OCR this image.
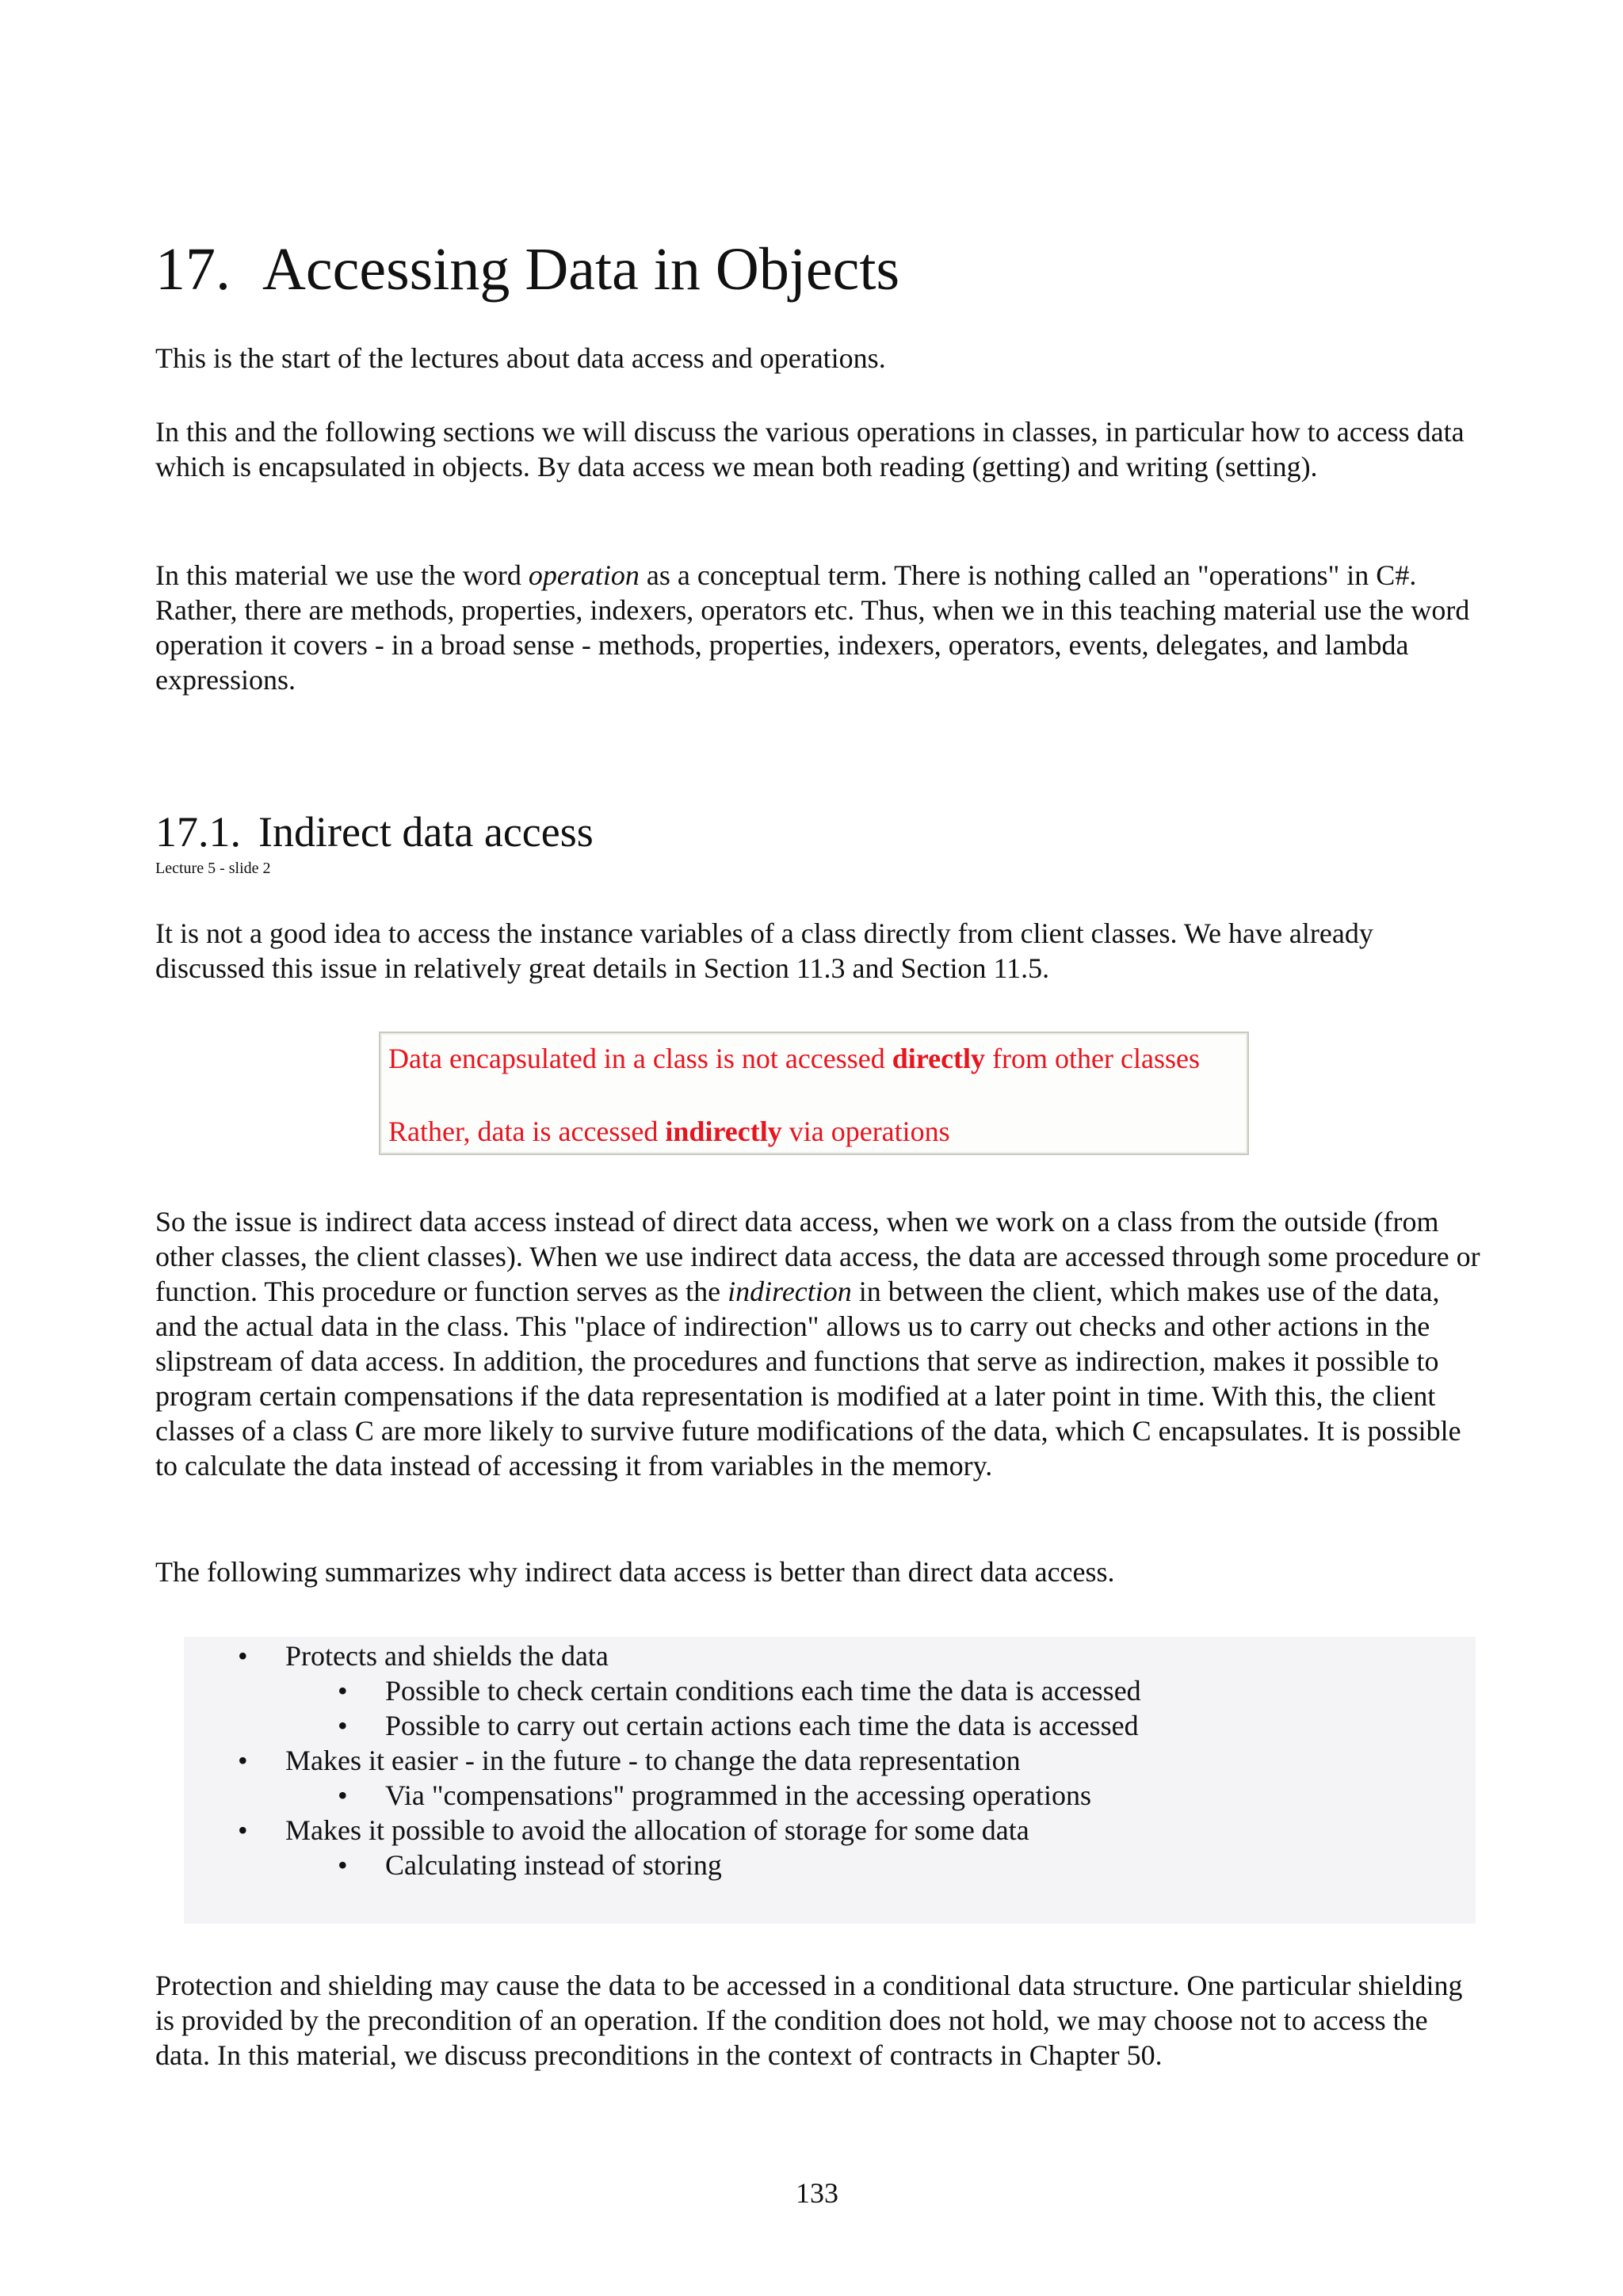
17. Accessing Data in Objects

This is the start of the lectures about data access and operations.

In this and the following sections we will discuss the various operations in classes, in particular how to access data which is encapsulated in objects. By data access we mean both reading (getting) and writing (setting).

In this material we use the word operation as a conceptual term. There is nothing called an "operations" in C#. Rather, there are methods, properties, indexers, operators etc. Thus, when we in this teaching material use the word operation it covers - in a broad sense - methods, properties, indexers, operators, events, delegates, and lambda expressions.

17.1. Indirect data access
Lecture 5 - slide 2

It is not a good idea to access the instance variables of a class directly from client classes. We have already discussed this issue in relatively great details in Section 11.3 and Section 11.5.

Data encapsulated in a class is not accessed directly from other classes

Rather, data is accessed indirectly via operations

So the issue is indirect data access instead of direct data access, when we work on a class from the outside (from other classes, the client classes). When we use indirect data access, the data are accessed through some procedure or function. This procedure or function serves as the indirection in between the client, which makes use of the data, and the actual data in the class. This "place of indirection" allows us to carry out checks and other actions in the slipstream of data access. In addition, the procedures and functions that serve as indirection, makes it possible to program certain compensations if the data representation is modified at a later point in time. With this, the client classes of a class C are more likely to survive future modifications of the data, which C encapsulates. It is possible to calculate the data instead of accessing it from variables in the memory.

The following summarizes why indirect data access is better than direct data access.

• Protects and shields the data
• Possible to check certain conditions each time the data is accessed
• Possible to carry out certain actions each time the data is accessed
• Makes it easier - in the future - to change the data representation
• Via "compensations" programmed in the accessing operations
• Makes it possible to avoid the allocation of storage for some data
• Calculating instead of storing

Protection and shielding may cause the data to be accessed in a conditional data structure. One particular shielding is provided by the precondition of an operation. If the condition does not hold, we may choose not to access the data. In this material, we discuss preconditions in the context of contracts in Chapter 50.

133
